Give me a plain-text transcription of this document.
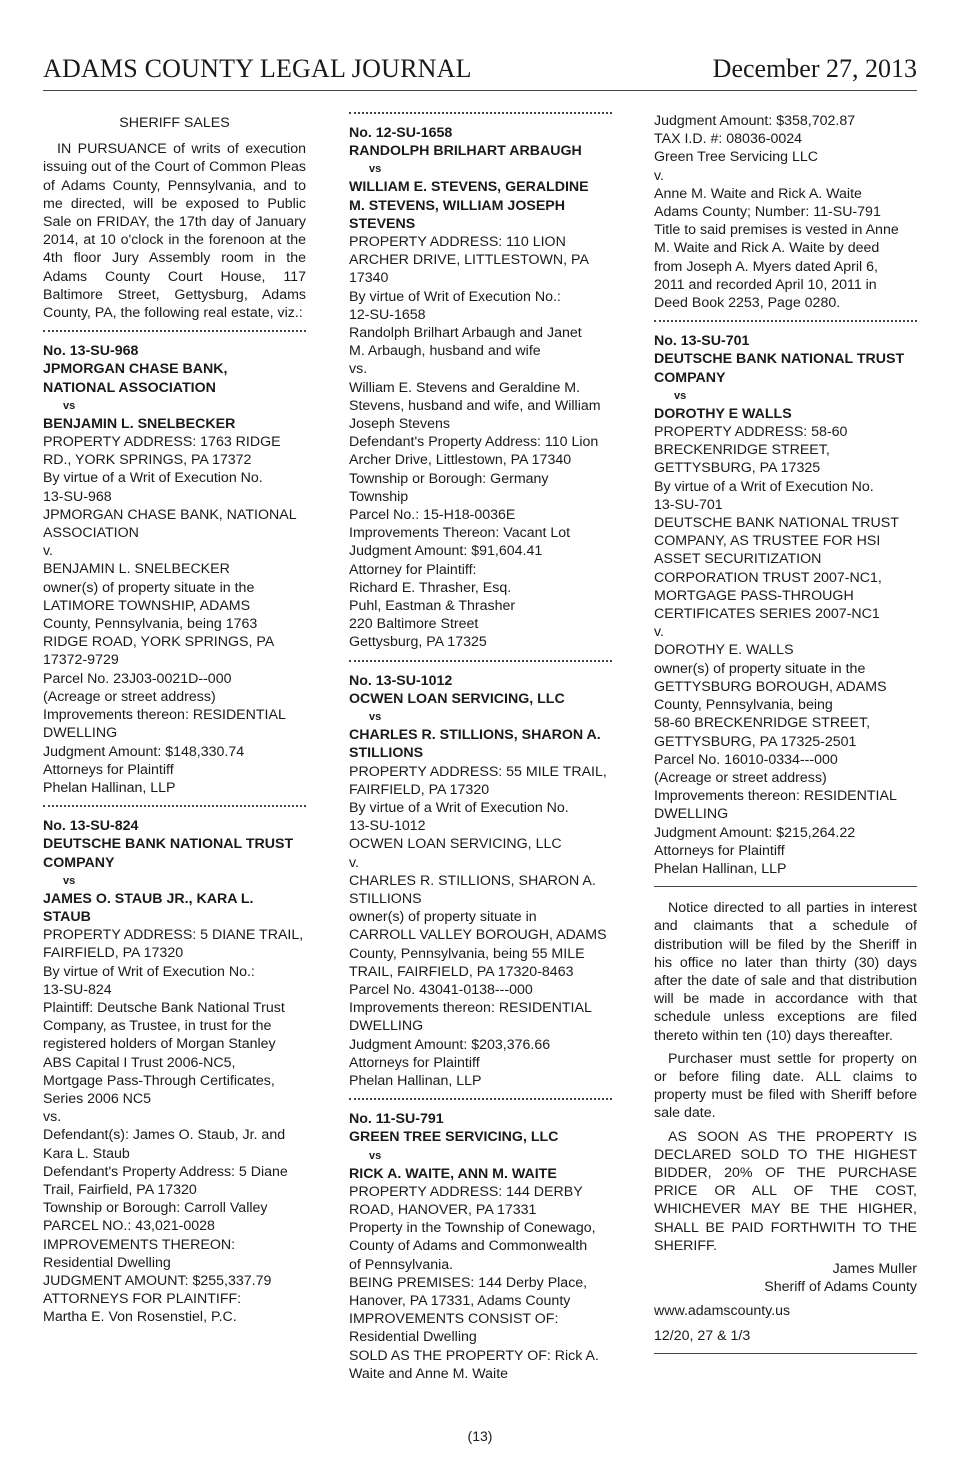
ADAMS COUNTY LEGAL JOURNAL	December 27, 2013
SHERIFF SALES
IN PURSUANCE of writs of execution issuing out of the Court of Common Pleas of Adams County, Pennsylvania, and to me directed, will be exposed to Public Sale on FRIDAY, the 17th day of January 2014, at 10 o'clock in the forenoon at the 4th floor Jury Assembly room in the Adams County Court House, 117 Baltimore Street, Gettysburg, Adams County, PA, the following real estate, viz.:
No. 13-SU-968
JPMORGAN CHASE BANK,
NATIONAL ASSOCIATION
vs
BENJAMIN L. SNELBECKER
PROPERTY ADDRESS: 1763 RIDGE
RD., YORK SPRINGS, PA 17372
By virtue of a Writ of Execution No.
13-SU-968
JPMORGAN CHASE BANK, NATIONAL
ASSOCIATION
v.
BENJAMIN L. SNELBECKER
owner(s) of property situate in the
LATIMORE TOWNSHIP, ADAMS
County, Pennsylvania, being 1763
RIDGE ROAD, YORK SPRINGS, PA
17372-9729
Parcel No. 23J03-0021D--000
(Acreage or street address)
Improvements thereon: RESIDENTIAL
DWELLING
Judgment Amount: $148,330.74
Attorneys for Plaintiff
Phelan Hallinan, LLP
No. 13-SU-824
DEUTSCHE BANK NATIONAL TRUST
COMPANY
vs
JAMES O. STAUB JR., KARA L.
STAUB
PROPERTY ADDRESS: 5 DIANE TRAIL,
FAIRFIELD, PA 17320
By virtue of Writ of Execution No.:
13-SU-824
Plaintiff: Deutsche Bank National Trust
Company, as Trustee, in trust for the
registered holders of Morgan Stanley
ABS Capital I Trust 2006-NC5,
Mortgage Pass-Through Certificates,
Series 2006 NC5
vs.
Defendant(s): James O. Staub, Jr. and
Kara L. Staub
Defendant's Property Address: 5 Diane
Trail, Fairfield, PA 17320
Township or Borough: Carroll Valley
PARCEL NO.: 43,021-0028
IMPROVEMENTS THEREON:
Residential Dwelling
JUDGMENT AMOUNT: $255,337.79
ATTORNEYS FOR PLAINTIFF:
Martha E. Von Rosenstiel, P.C.
No. 12-SU-1658
RANDOLPH BRILHART ARBAUGH
vs
WILLIAM E. STEVENS, GERALDINE
M. STEVENS, WILLIAM JOSEPH
STEVENS
PROPERTY ADDRESS: 110 LION
ARCHER DRIVE, LITTLESTOWN, PA
17340
By virtue of Writ of Execution No.:
12-SU-1658
Randolph Brilhart Arbaugh and Janet
M. Arbaugh, husband and wife
vs.
William E. Stevens and Geraldine M.
Stevens, husband and wife, and William
Joseph Stevens
Defendant's Property Address: 110 Lion
Archer Drive, Littlestown, PA 17340
Township or Borough: Germany
Township
Parcel No.: 15-H18-0036E
Improvements Thereon: Vacant Lot
Judgment Amount: $91,604.41
Attorney for Plaintiff:
Richard E. Thrasher, Esq.
Puhl, Eastman & Thrasher
220 Baltimore Street
Gettysburg, PA 17325
No. 13-SU-1012
OCWEN LOAN SERVICING, LLC
vs
CHARLES R. STILLIONS, SHARON A.
STILLIONS
PROPERTY ADDRESS: 55 MILE TRAIL,
FAIRFIELD, PA 17320
By virtue of a Writ of Execution No.
13-SU-1012
OCWEN LOAN SERVICING, LLC
v.
CHARLES R. STILLIONS, SHARON A.
STILLIONS
owner(s) of property situate in
CARROLL VALLEY BOROUGH, ADAMS
County, Pennsylvania, being 55 MILE
TRAIL, FAIRFIELD, PA 17320-8463
Parcel No. 43041-0138---000
Improvements thereon: RESIDENTIAL
DWELLING
Judgment Amount: $203,376.66
Attorneys for Plaintiff
Phelan Hallinan, LLP
No. 11-SU-791
GREEN TREE SERVICING, LLC
vs
RICK A. WAITE, ANN M. WAITE
PROPERTY ADDRESS: 144 DERBY
ROAD, HANOVER, PA 17331
Property in the Township of Conewago,
County of Adams and Commonwealth
of Pennsylvania.
BEING PREMISES: 144 Derby Place,
Hanover, PA 17331, Adams County
IMPROVEMENTS CONSIST OF:
Residential Dwelling
SOLD AS THE PROPERTY OF: Rick A.
Waite and Anne M. Waite
Judgment Amount: $358,702.87
TAX I.D. #: 08036-0024
Green Tree Servicing LLC
v.
Anne M. Waite and Rick A. Waite
Adams County; Number: 11-SU-791
Title to said premises is vested in Anne
M. Waite and Rick A. Waite by deed
from Joseph A. Myers dated April 6,
2011 and recorded April 10, 2011 in
Deed Book 2253, Page 0280.
No. 13-SU-701
DEUTSCHE BANK NATIONAL TRUST
COMPANY
vs
DOROTHY E WALLS
PROPERTY ADDRESS: 58-60
BRECKENRIDGE STREET,
GETTYSBURG, PA 17325
By virtue of a Writ of Execution No.
13-SU-701
DEUTSCHE BANK NATIONAL TRUST
COMPANY, AS TRUSTEE FOR HSI
ASSET SECURITIZATION
CORPORATION TRUST 2007-NC1,
MORTGAGE PASS-THROUGH
CERTIFICATES SERIES 2007-NC1
v.
DOROTHY E. WALLS
owner(s) of property situate in the
GETTYSBURG BOROUGH, ADAMS
County, Pennsylvania, being
58-60 BRECKENRIDGE STREET,
GETTYSBURG, PA 17325-2501
Parcel No. 16010-0334---000
(Acreage or street address)
Improvements thereon: RESIDENTIAL
DWELLING
Judgment Amount: $215,264.22
Attorneys for Plaintiff
Phelan Hallinan, LLP
Notice directed to all parties in interest and claimants that a schedule of distribution will be filed by the Sheriff in his office no later than thirty (30) days after the date of sale and that distribution will be made in accordance with that schedule unless exceptions are filed thereto within ten (10) days thereafter.
Purchaser must settle for property on or before filing date. ALL claims to property must be filed with Sheriff before sale date.
AS SOON AS THE PROPERTY IS DECLARED SOLD TO THE HIGHEST BIDDER, 20% OF THE PURCHASE PRICE OR ALL OF THE COST, WHICHEVER MAY BE THE HIGHER, SHALL BE PAID FORTHWITH TO THE SHERIFF.
James Muller
Sheriff of Adams County
www.adamscounty.us
12/20, 27 & 1/3
(13)
